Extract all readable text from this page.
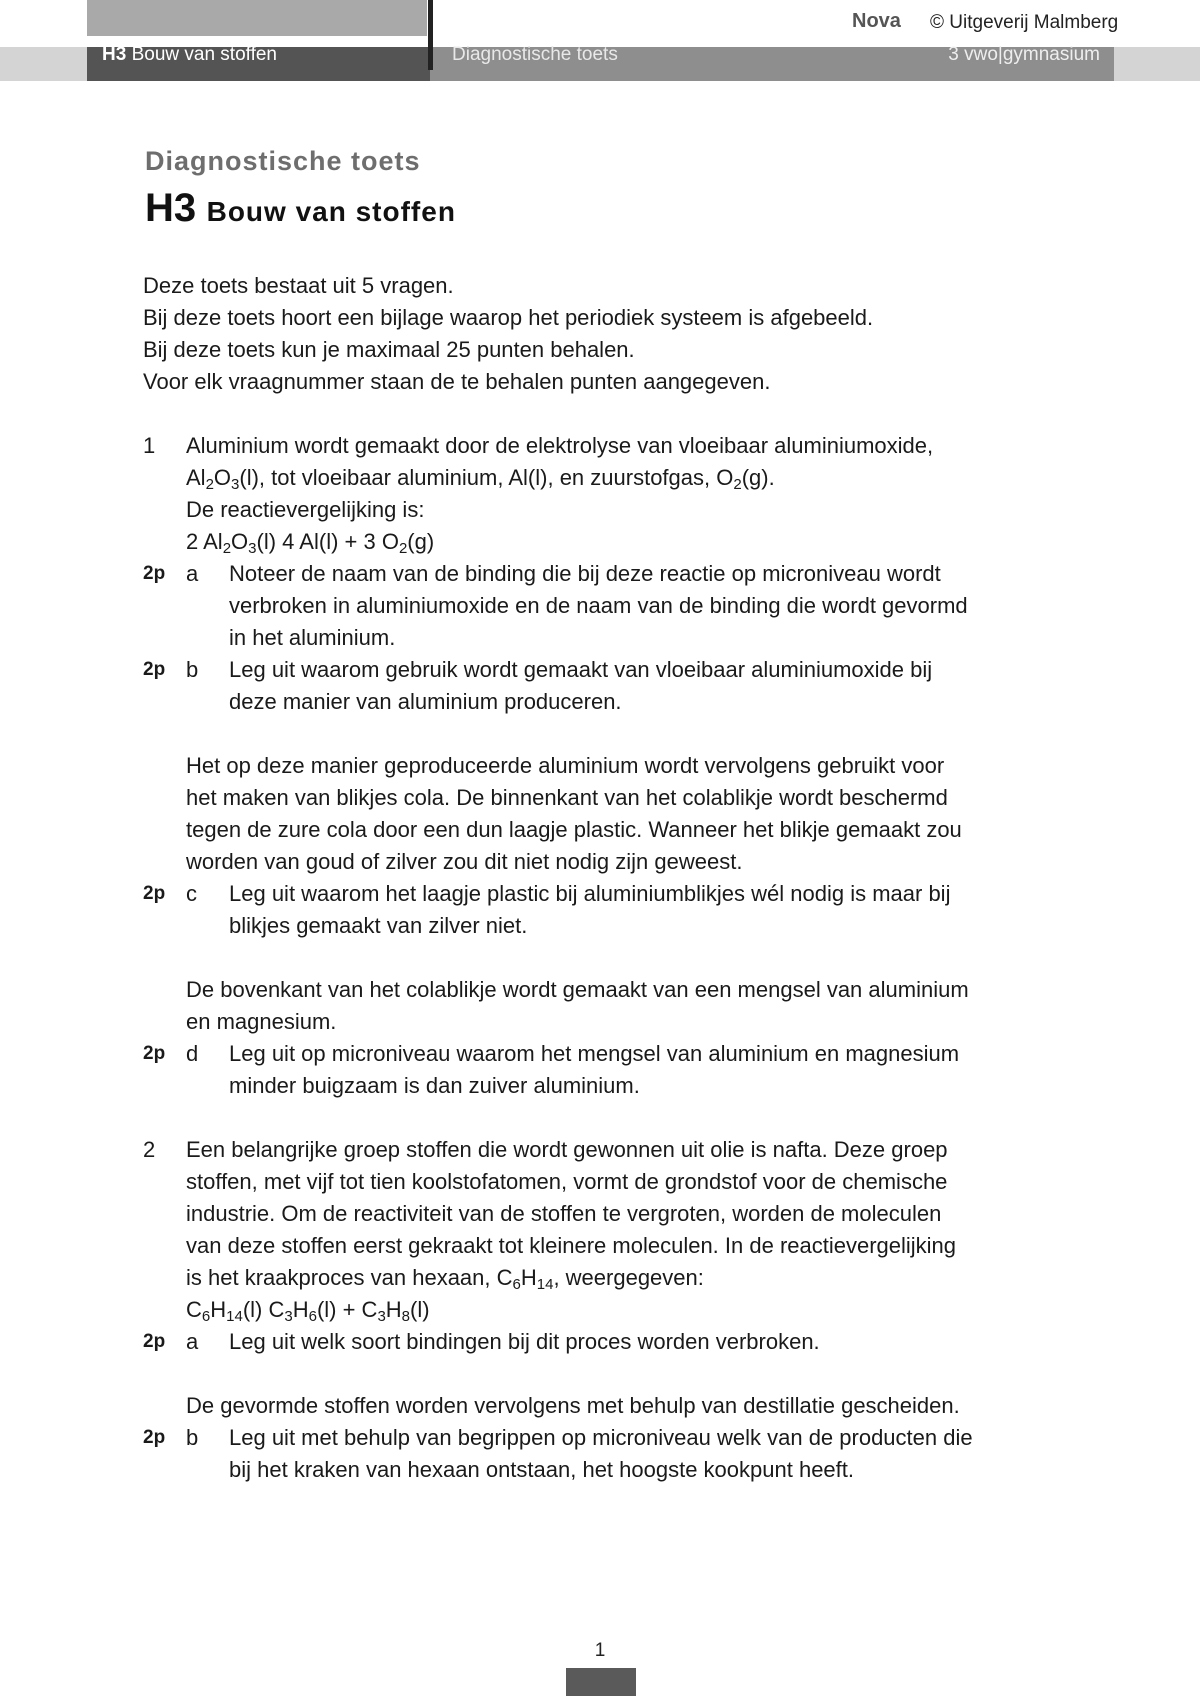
H3 Bouw van stoffen	Diagnostische toets	3 vwo|gymnasium
Nova © Uitgeverij Malmberg
Diagnostische toets
H3 Bouw van stoffen
Deze toets bestaat uit 5 vragen.
Bij deze toets hoort een bijlage waarop het periodiek systeem is afgebeeld.
Bij deze toets kun je maximaal 25 punten behalen.
Voor elk vraagnummer staan de te behalen punten aangegeven.
1 Aluminium wordt gemaakt door de elektrolyse van vloeibaar aluminiumoxide,
$Al_2O_3(l)$, tot vloeibaar aluminium, Al(l), en zuurstofgas, $O_2(g)$.
De reactievergelijking is:
2 $Al_2O_3(l)$ 4 Al(l) + 3 $O_2(g)$
2p a Noteer de naam van de binding die bij deze reactie op microniveau wordt
verbroken in aluminiumoxide en de naam van de binding die wordt gevormd
in het aluminium.
2p b Leg uit waarom gebruik wordt gemaakt van vloeibaar aluminiumoxide bij
deze manier van aluminium produceren.
Het op deze manier geproduceerde aluminium wordt vervolgens gebruikt voor
het maken van blikjes cola. De binnenkant van het colablikje wordt beschermd
tegen de zure cola door een dun laagje plastic. Wanneer het blikje gemaakt zou
worden van goud of zilver zou dit niet nodig zijn geweest.
2p c Leg uit waarom het laagje plastic bij aluminiumblikjes wél nodig is maar bij
blikjes gemaakt van zilver niet.
De bovenkant van het colablikje wordt gemaakt van een mengsel van aluminium
en magnesium.
2p d Leg uit op microniveau waarom het mengsel van aluminium en magnesium
minder buigzaam is dan zuiver aluminium.
2 Een belangrijke groep stoffen die wordt gewonnen uit olie is nafta. Deze groep
stoffen, met vijf tot tien koolstofatomen, vormt de grondstof voor de chemische
industrie. Om de reactiviteit van de stoffen te vergroten, worden de moleculen
van deze stoffen eerst gekraakt tot kleinere moleculen. In de reactievergelijking
is het kraakproces van hexaan, $C_6H_{14}$, weergegeven:
$C_6H_{14}(l) C_3H_6(l) + C_3H_8(l)$
2p a Leg uit welk soort bindingen bij dit proces worden verbroken.
De gevormde stoffen worden vervolgens met behulp van destillatie gescheiden.
2p b Leg uit met behulp van begrippen op microniveau welk van de producten die
bij het kraken van hexaan ontstaan, het hoogste kookpunt heeft.
1
